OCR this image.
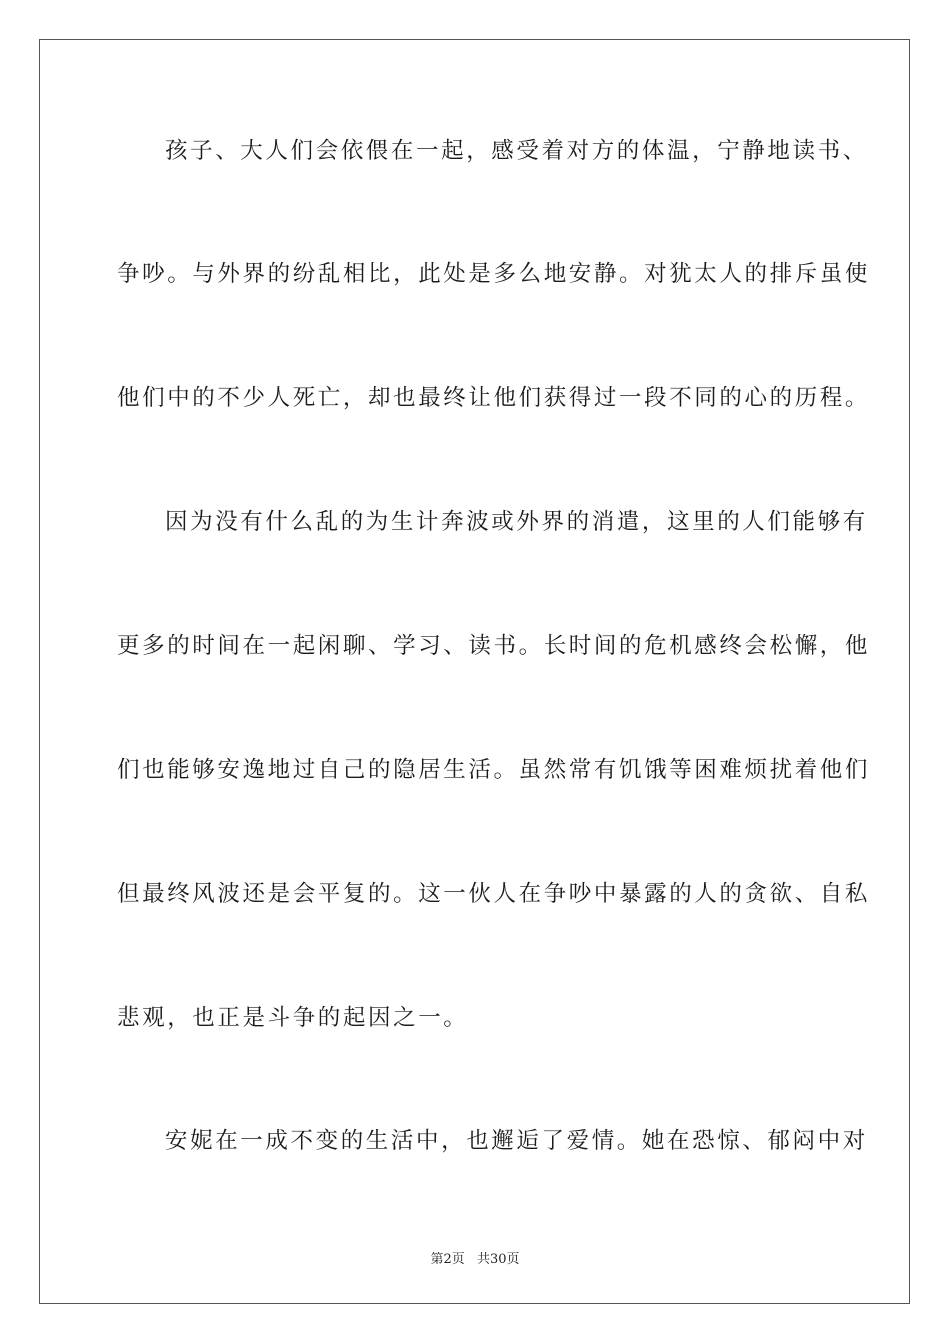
孩子、大人们会依偎在一起，感受着对方的体温，宁静地读书、
争吵。与外界的纷乱相比，此处是多么地安静。对犹太人的排斥虽使
他们中的不少人死亡，却也最终让他们获得过一段不同的心的历程。
因为没有什么乱的为生计奔波或外界的消遣，这里的人们能够有
更多的时间在一起闲聊、学习、读书。长时间的危机感终会松懈，他
们也能够安逸地过自己的隐居生活。虽然常有饥饿等困难烦扰着他们
但最终风波还是会平复的。这一伙人在争吵中暴露的人的贪欲、自私
悲观，也正是斗争的起因之一。
安妮在一成不变的生活中，也邂逅了爱情。她在恐惊、郁闷中对
第2页 共30页
